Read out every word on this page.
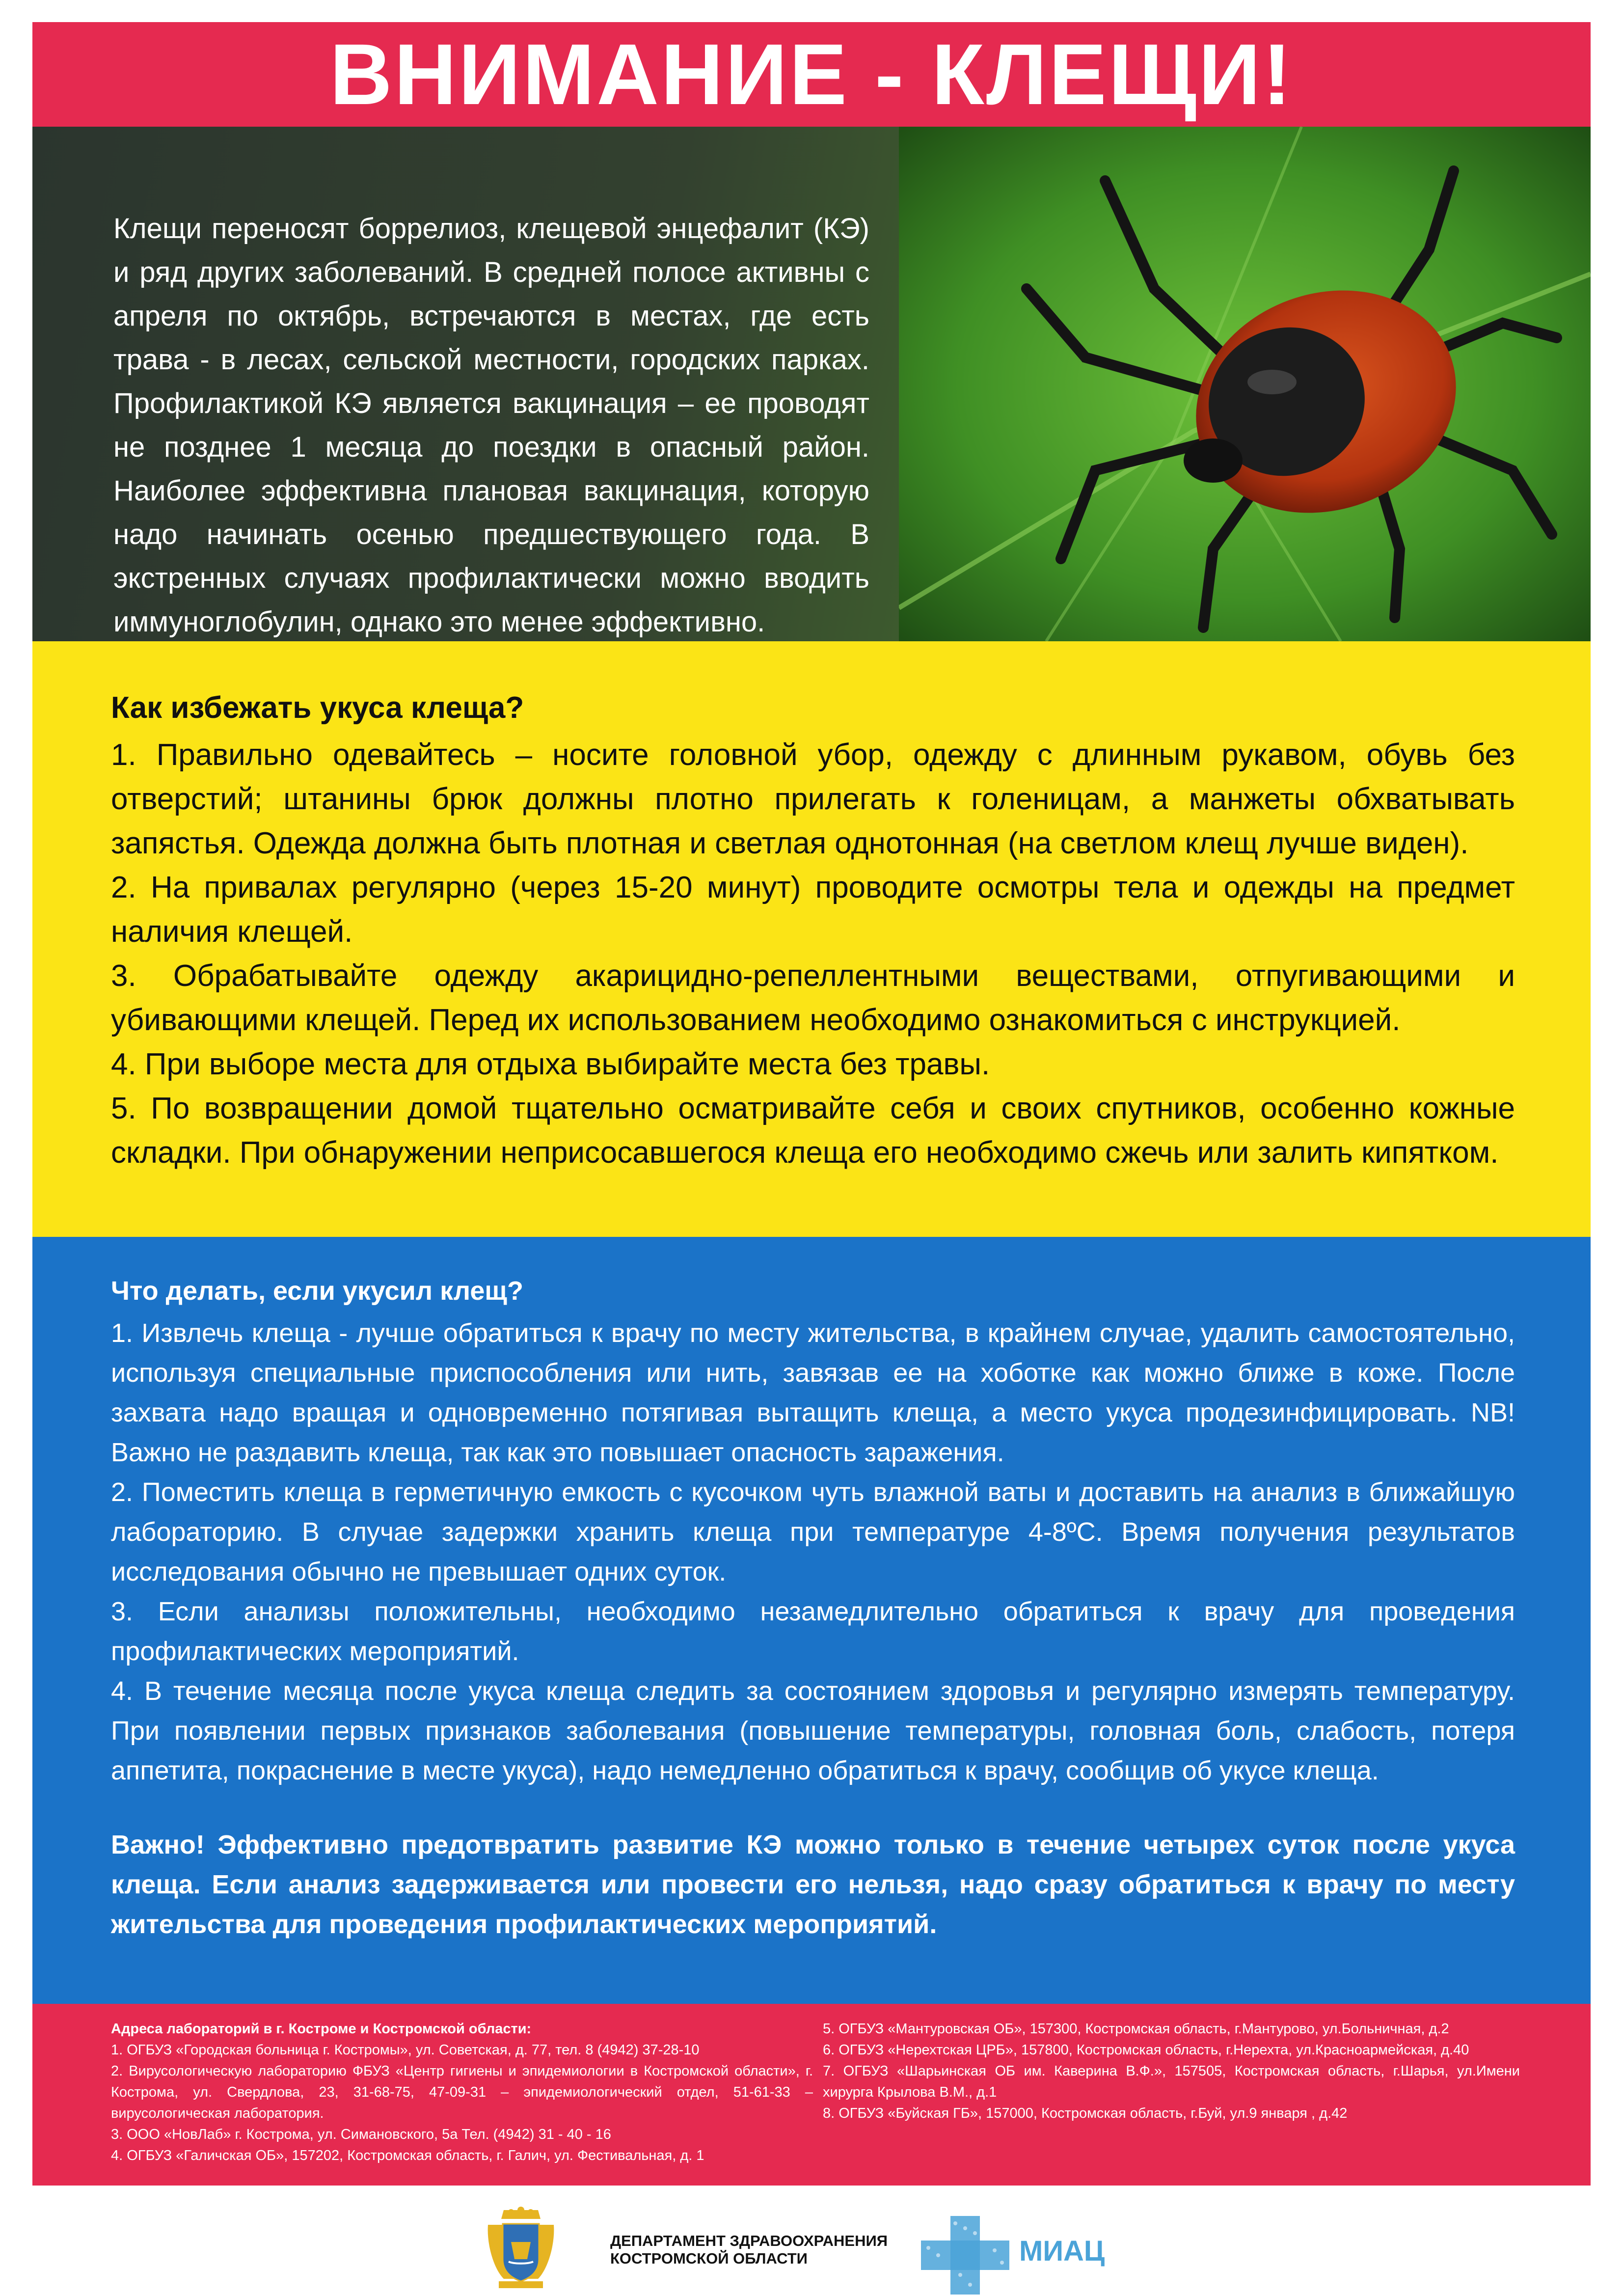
ВНИМАНИЕ - КЛЕЩИ!

Клещи переносят боррелиоз, клещевой энцефалит (КЭ) и ряд других заболеваний. В средней полосе активны с апреля по октябрь, встречаются в местах, где есть трава - в лесах, сельской местности, городских парках. Профилактикой КЭ является вакцинация – ее проводят не позднее 1 месяца до поездки в опасный район. Наиболее эффективна плановая вакцинация, которую надо начинать осенью предшествующего года. В экстренных случаях профилактически можно вводить иммуноглобулин, однако это менее эффективно.

Как избежать укуса клеща?

1. Правильно одевайтесь – носите головной убор, одежду с длинным рукавом, обувь без отверстий; штанины брюк должны плотно прилегать к голеницам, а манжеты обхватывать запястья. Одежда должна быть плотная и светлая однотонная (на светлом клещ лучше виден).

2. На привалах регулярно (через 15-20 минут) проводите осмотры тела и одежды на предмет наличия клещей.

3. Обрабатывайте одежду акарицидно-репеллентными веществами, отпугивающими и убивающими клещей. Перед их использованием необходимо ознакомиться с инструкцией.

4. При выборе места для отдыха выбирайте места без травы.

5. По возвращении домой тщательно осматривайте себя и своих спутников, особенно кожные складки. При обнаружении неприсосавшегося клеща его необходимо сжечь или залить кипятком.

Что делать, если укусил клещ?

1. Извлечь клеща - лучше обратиться к врачу по месту жительства, в крайнем случае, удалить самостоятельно, используя специальные приспособления или нить, завязав ее на хоботке как можно ближе в коже. После захвата надо вращая и одновременно потягивая вытащить клеща, а место укуса продезинфицировать. NB! Важно не раздавить клеща, так как это повышает опасность заражения.

2. Поместить клеща в герметичную емкость с кусочком чуть влажной ваты и доставить на анализ в ближайшую лабораторию. В случае задержки хранить клеща при температуре 4-8ºC. Время получения результатов исследования обычно не превышает одних суток.

3. Если анализы положительны, необходимо незамедлительно обратиться к врачу для проведения профилактических мероприятий.

4. В течение месяца после укуса клеща следить за состоянием здоровья и регулярно измерять температуру. При появлении первых признаков заболевания (повышение температуры, головная боль, слабость, потеря аппетита, покраснение в месте укуса), надо немедленно обратиться к врачу, сообщив об укусе клеща.

Важно! Эффективно предотвратить развитие КЭ можно только в течение четырех суток после укуса клеща. Если анализ задерживается или провести его нельзя, надо сразу обратиться к врачу по месту жительства для проведения профилактических мероприятий.

Адреса лабораторий в г. Костроме и Костромской области:

1. ОГБУЗ «Городская больница г. Костромы», ул. Советская, д. 77, тел. 8 (4942) 37-28-10

2. Вирусологическую лабораторию ФБУЗ «Центр гигиены и эпидемиологии в Костромской области», г. Кострома, ул. Свердлова, 23, 31-68-75, 47-09-31 – эпидемиологический отдел, 51-61-33 – вирусологическая лаборатория.

3. ООО «НовЛаб» г. Кострома, ул. Симановского, 5а Тел. (4942) 31 - 40 - 16

4. ОГБУЗ «Галичская ОБ», 157202, Костромская область, г. Галич, ул. Фестивальная, д. 1

5. ОГБУЗ «Мантуровская ОБ», 157300, Костромская область, г.Мантурово, ул.Больничная, д.2

6. ОГБУЗ «Нерехтская ЦРБ», 157800, Костромская область, г.Нерехта, ул.Красноармейская, д.40

7. ОГБУЗ «Шарьинская ОБ им. Каверина В.Ф.», 157505, Костромская область, г.Шарья, ул.Имени хирурга Крылова В.М., д.1

8. ОГБУЗ «Буйская ГБ», 157000, Костромская область, г.Буй, ул.9 января , д.42

ДЕПАРТАМЕНТ ЗДРАВООХРАНЕНИЯ
КОСТРОМСКОЙ ОБЛАСТИ	МИАЦ
